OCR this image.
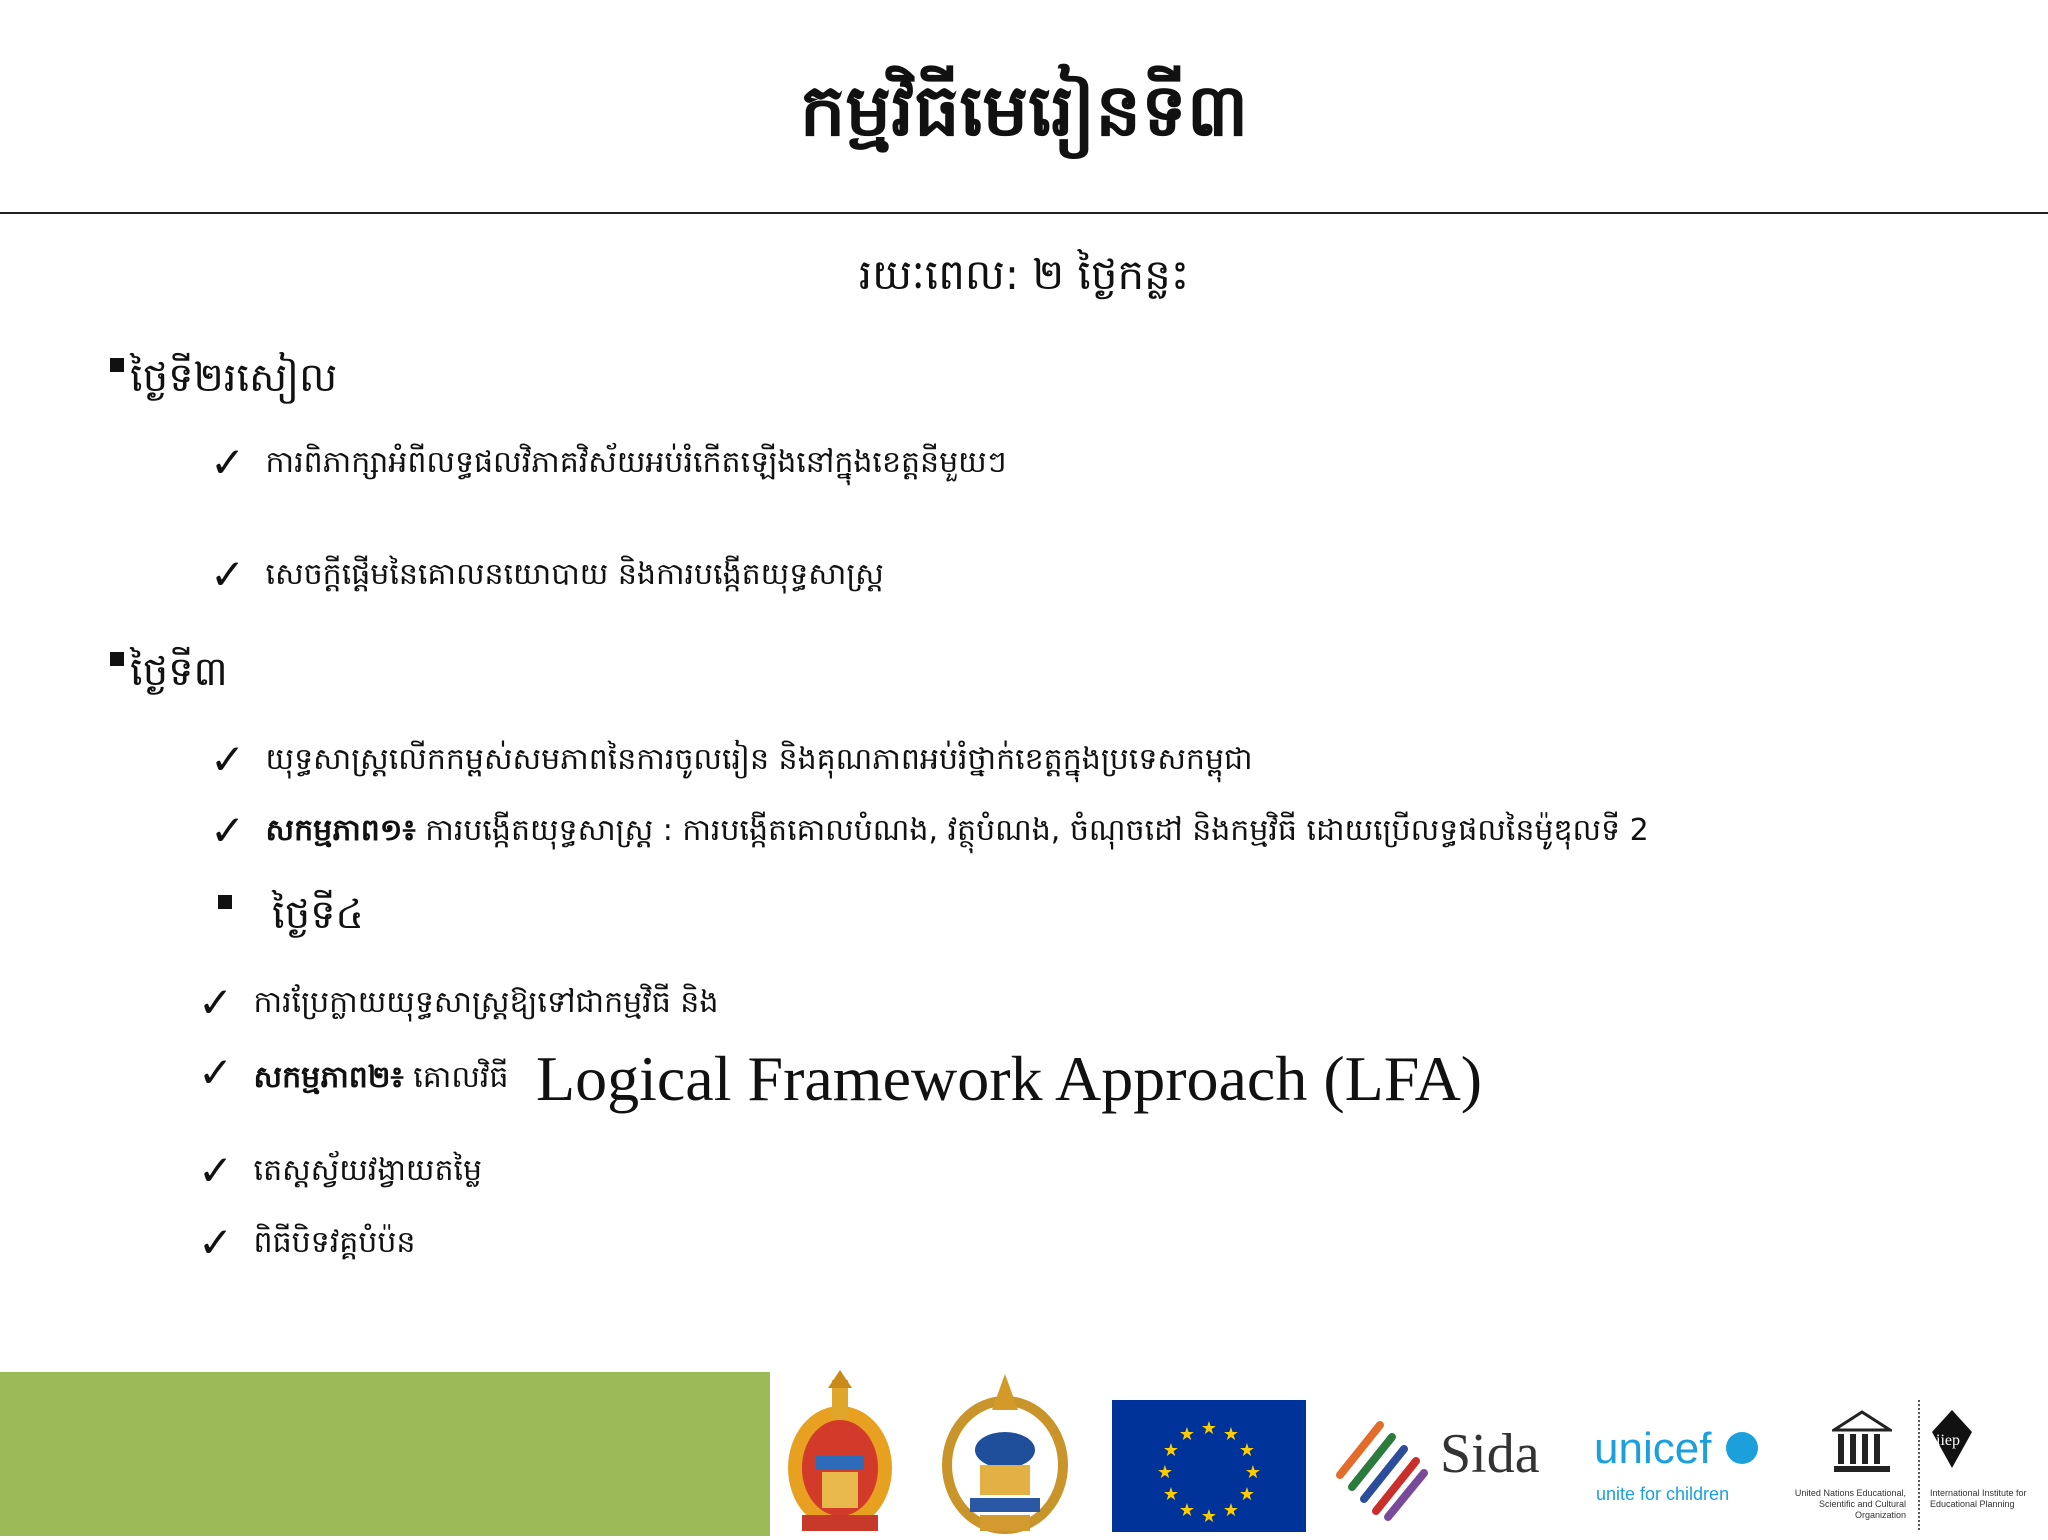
កម្មវិធីមេរៀនទី៣
រយៈពេល: ២ ថ្ងៃកន្លះ
ថ្ងៃទី២រសៀល
✓ ការពិភាក្សាអំពីលទ្ធផលវិភាគវិស័យអប់រំកើតឡើងនៅក្នុងខេត្តនីមួយៗ
✓ សេចក្តីផ្តើមនៃគោលនយោបាយ និងការបង្កើតយុទ្ធសាស្ត្រ
ថ្ងៃទី៣
✓ យុទ្ធសាស្ត្រលើកកម្ពស់សមភាពនៃការចូលរៀន និងគុណភាពអប់រំថ្នាក់ខេត្តក្នុងប្រទេសកម្ពុជា
✓ សកម្មភាព១៖ ការបង្កើតយុទ្ធសាស្ត្រ : ការបង្កើតគោលបំណង, វត្ថុបំណង, ចំណុចដៅ និងកម្មវិធី ដោយប្រើលទ្ធផលនៃម៉ូឌុលទី 2
ថ្ងៃទី៤
✓ ការប្រែក្លាយយុទ្ធសាស្ត្រឱ្យទៅជាកម្មវិធី និង
✓ សកម្មភាព២៖ គោលវិធី Logical Framework Approach (LFA)
✓ តេស្តស្វ័យវង្វាយតម្លៃ
✓ ពិធីបិទវគ្គបំប៉ន
★ ★
★
★
★
★
★
★
★
★
★
★	Sida unicef
unite for children	United Nations Educational, Scientific and Cultural Organization
iiep
International Institute for Educational Planning
